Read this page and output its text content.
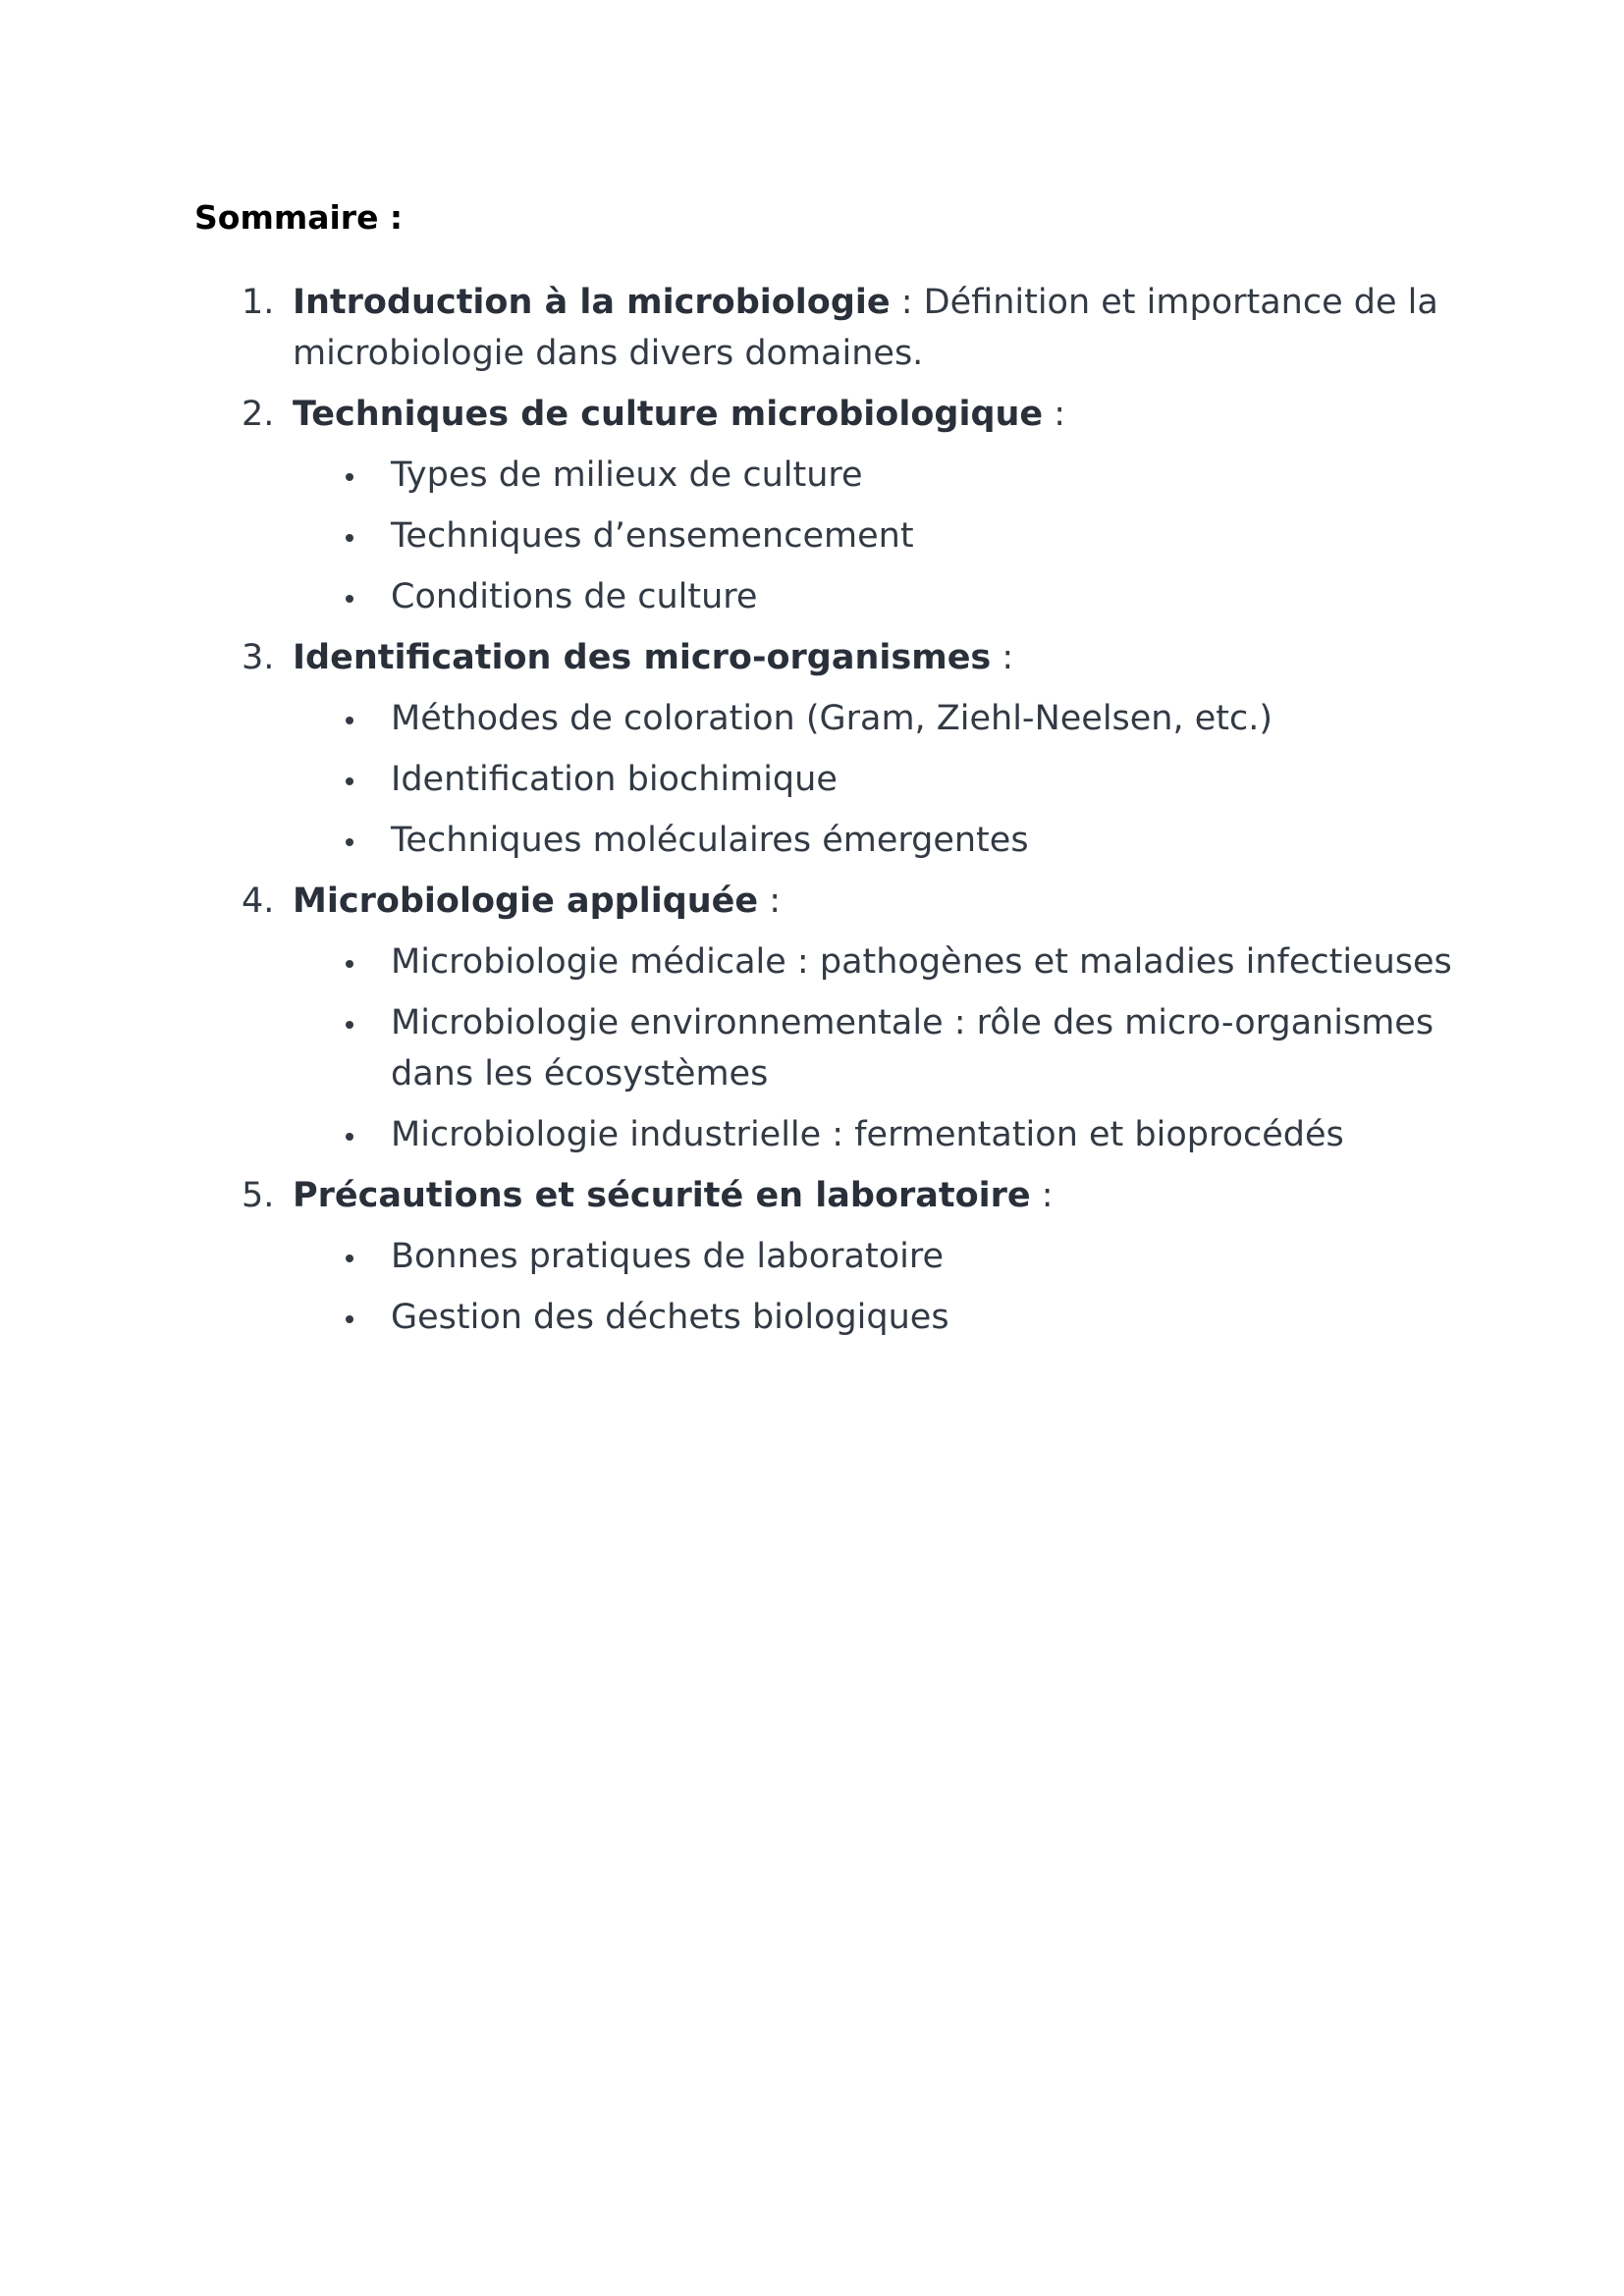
Sommaire :

1. Introduction à la microbiologie : Définition et importance de la microbiologie dans divers domaines.
2. Techniques de culture microbiologique :
Types de milieux de culture
Techniques d’ensemencement
Conditions de culture
3. Identification des micro-organismes :
Méthodes de coloration (Gram, Ziehl-Neelsen, etc.)
Identification biochimique
Techniques moléculaires émergentes
4. Microbiologie appliquée :
Microbiologie médicale : pathogènes et maladies infectieuses
Microbiologie environnementale : rôle des micro-organismes dans les écosystèmes
Microbiologie industrielle : fermentation et bioprocédés
5. Précautions et sécurité en laboratoire :
Bonnes pratiques de laboratoire
Gestion des déchets biologiques
